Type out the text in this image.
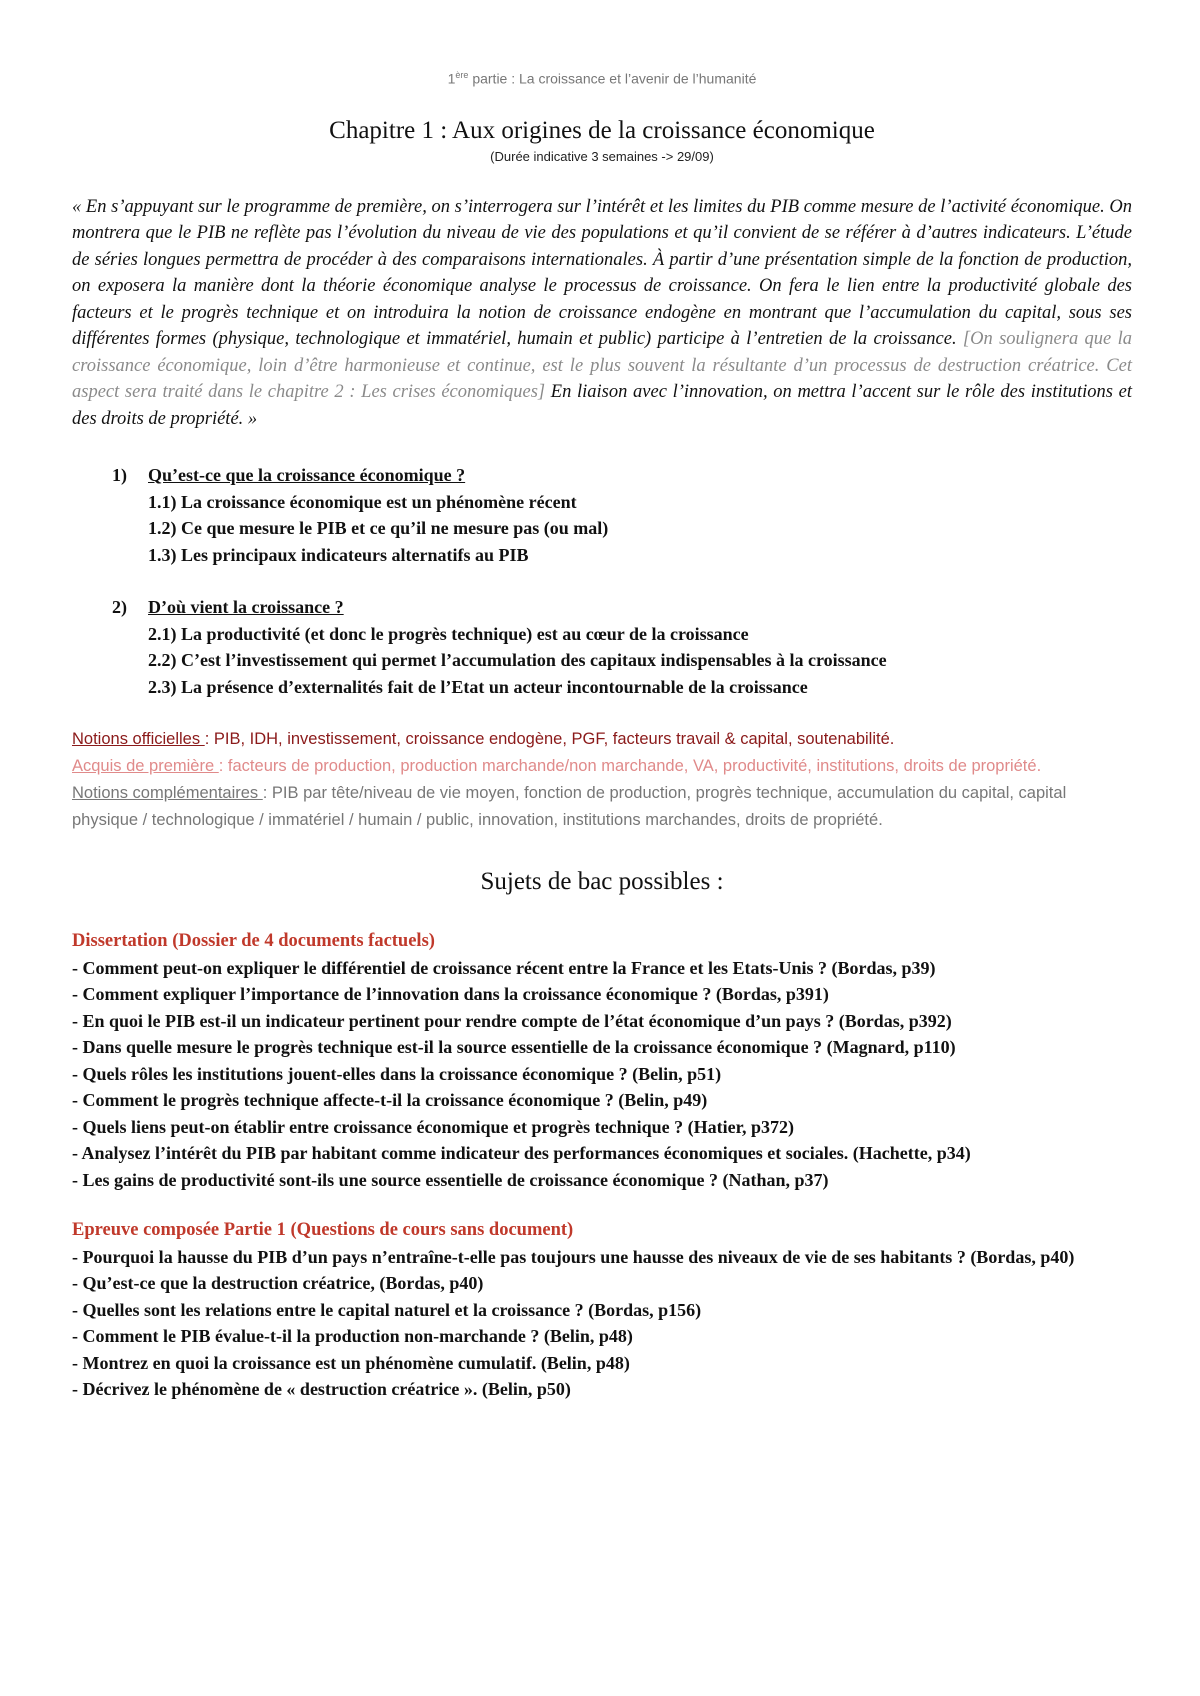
1ère partie : La croissance et l’avenir de l’humanité
Chapitre 1 : Aux origines de la croissance économique
(Durée indicative 3 semaines -> 29/09)
« En s’appuyant sur le programme de première, on s’interrogera sur l’intérêt et les limites du PIB comme mesure de l’activité économique. On montrera que le PIB ne reflète pas l’évolution du niveau de vie des populations et qu’il convient de se référer à d’autres indicateurs. L’étude de séries longues permettra de procéder à des comparaisons internationales. À partir d’une présentation simple de la fonction de production, on exposera la manière dont la théorie économique analyse le processus de croissance. On fera le lien entre la productivité globale des facteurs et le progrès technique et on introduira la notion de croissance endogène en montrant que l’accumulation du capital, sous ses différentes formes (physique, technologique et immatériel, humain et public) participe à l’entretien de la croissance. [On soulignera que la croissance économique, loin d’être harmonieuse et continue, est le plus souvent la résultante d’un processus de destruction créatrice. Cet aspect sera traité dans le chapitre 2 : Les crises économiques] En liaison avec l’innovation, on mettra l’accent sur le rôle des institutions et des droits de propriété. »
1) Qu’est-ce que la croissance économique ?
1.1) La croissance économique est un phénomène récent
1.2) Ce que mesure le PIB et ce qu’il ne mesure pas (ou mal)
1.3) Les principaux indicateurs alternatifs au PIB
2) D’où vient la croissance ?
2.1) La productivité (et donc le progrès technique) est au cœur de la croissance
2.2) C’est l’investissement qui permet l’accumulation des capitaux indispensables à la croissance
2.3) La présence d’externalités fait de l’Etat un acteur incontournable de la croissance
Notions officielles : PIB, IDH, investissement, croissance endogène, PGF, facteurs travail & capital, soutenabilité.
Acquis de première : facteurs de production, production marchande/non marchande, VA, productivité, institutions, droits de propriété.
Notions complémentaires : PIB par tête/niveau de vie moyen, fonction de production, progrès technique, accumulation du capital, capital physique / technologique / immatériel / humain / public, innovation, institutions marchandes, droits de propriété.
Sujets de bac possibles :
Dissertation (Dossier de 4 documents factuels)
- Comment peut-on expliquer le différentiel de croissance récent entre la France et les Etats-Unis ? (Bordas, p39)
- Comment expliquer l’importance de l’innovation dans la croissance économique ? (Bordas, p391)
- En quoi le PIB est-il un indicateur pertinent pour rendre compte de l’état économique d’un pays ? (Bordas, p392)
- Dans quelle mesure le progrès technique est-il la source essentielle de la croissance économique ? (Magnard, p110)
- Quels rôles les institutions jouent-elles dans la croissance économique ? (Belin, p51)
- Comment le progrès technique affecte-t-il la croissance économique ? (Belin, p49)
- Quels liens peut-on établir entre croissance économique et progrès technique ? (Hatier, p372)
- Analysez l’intérêt du PIB par habitant comme indicateur des performances économiques et sociales. (Hachette, p34)
- Les gains de productivité sont-ils une source essentielle de croissance économique ? (Nathan, p37)
Epreuve composée Partie 1 (Questions de cours sans document)
- Pourquoi la hausse du PIB d’un pays n’entraîne-t-elle pas toujours une hausse des niveaux de vie de ses habitants ? (Bordas, p40)
- Qu’est-ce que la destruction créatrice, (Bordas, p40)
- Quelles sont les relations entre le capital naturel et la croissance ? (Bordas, p156)
- Comment le PIB évalue-t-il la production non-marchande ? (Belin, p48)
- Montrez en quoi la croissance est un phénomène cumulatif. (Belin, p48)
- Décrivez le phénomène de « destruction créatrice ». (Belin, p50)
